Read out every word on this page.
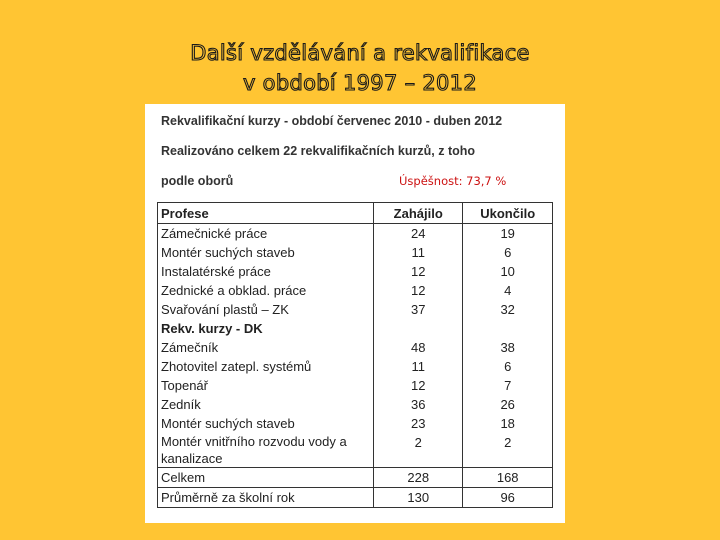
Další vzdělávání a rekvalifikace
v období 1997 – 2012
Rekvalifikační kurzy - období červenec 2010 - duben 2012
Realizováno celkem 22 rekvalifikačních kurzů, z toho
podle oborů	Úspěšnost: 73,7 %
Profese	Zahájilo	Ukončilo
Zámečnické práce	24	19
Montér suchých staveb	11	6
Instalatérské práce	12	10
Zednické a obklad. práce	12	4
Svařování plastů – ZK	37	32
Rekv. kurzy - DK		
Zámečník	48	38
Zhotovitel zatepl. systémů	11	6
Topenář	12	7
Zedník	36	26
Montér suchých staveb	23	18
Montér vnitřního rozvodu vody a kanalizace	2	2
Celkem	228	168
Průměrně za školní rok	130	96
